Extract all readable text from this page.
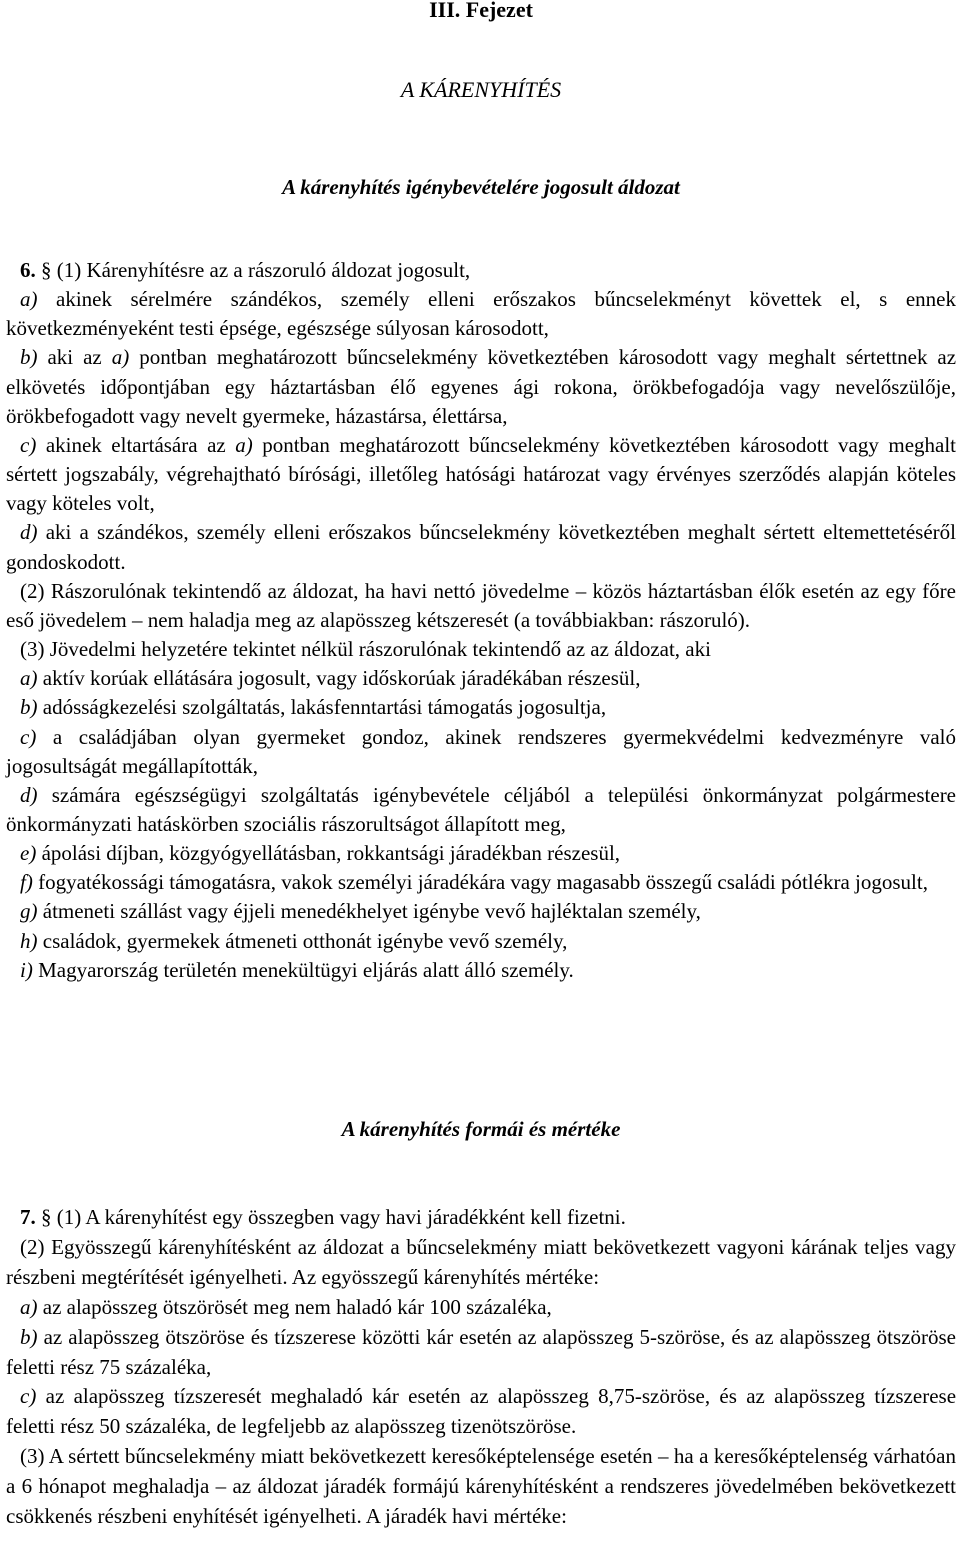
III. Fejezet

A KÁRENYHÍTÉS

A kárenyhítés igénybevételére jogosult áldozat

6. § (1) Kárenyhítésre az a rászoruló áldozat jogosult,

a) akinek sérelmére szándékos, személy elleni erőszakos bűncselekményt követtek el, s ennek következményeként testi épsége, egészsége súlyosan károsodott,

b) aki az a) pontban meghatározott bűncselekmény következtében károsodott vagy meghalt sértettnek az elkövetés időpontjában egy háztartásban élő egyenes ági rokona, örökbefogadója vagy nevelőszülője, örökbefogadott vagy nevelt gyermeke, házastársa, élettársa,

c) akinek eltartására az a) pontban meghatározott bűncselekmény következtében károsodott vagy meghalt sértett jogszabály, végrehajtható bírósági, illetőleg hatósági határozat vagy érvényes szerződés alapján köteles vagy köteles volt,

d) aki a szándékos, személy elleni erőszakos bűncselekmény következtében meghalt sértett eltemettetéséről gondoskodott.

(2) Rászorulónak tekintendő az áldozat, ha havi nettó jövedelme – közös háztartásban élők esetén az egy főre eső jövedelem – nem haladja meg az alapösszeg kétszeresét (a továbbiakban: rászoruló).

(3) Jövedelmi helyzetére tekintet nélkül rászorulónak tekintendő az az áldozat, aki

a) aktív korúak ellátására jogosult, vagy időskorúak járadékában részesül,

b) adósságkezelési szolgáltatás, lakásfenntartási támogatás jogosultja,

c) a családjában olyan gyermeket gondoz, akinek rendszeres gyermekvédelmi kedvezményre való jogosultságát megállapították,

d) számára egészségügyi szolgáltatás igénybevétele céljából a települési önkormányzat polgármestere önkormányzati hatáskörben szociális rászorultságot állapított meg,

e) ápolási díjban, közgyógyellátásban, rokkantsági járadékban részesül,

f) fogyatékossági támogatásra, vakok személyi járadékára vagy magasabb összegű családi pótlékra jogosult,

g) átmeneti szállást vagy éjjeli menedékhelyet igénybe vevő hajléktalan személy,

h) családok, gyermekek átmeneti otthonát igénybe vevő személy,

i) Magyarország területén menekültügyi eljárás alatt álló személy.

A kárenyhítés formái és mértéke

7. § (1) A kárenyhítést egy összegben vagy havi járadékként kell fizetni.

(2) Egyösszegű kárenyhítésként az áldozat a bűncselekmény miatt bekövetkezett vagyoni kárának teljes vagy részbeni megtérítését igényelheti. Az egyösszegű kárenyhítés mértéke:

a) az alapösszeg ötszörösét meg nem haladó kár 100 százaléka,

b) az alapösszeg ötszöröse és tízszerese közötti kár esetén az alapösszeg 5-szöröse, és az alapösszeg ötszöröse feletti rész 75 százaléka,

c) az alapösszeg tízszeresét meghaladó kár esetén az alapösszeg 8,75-szöröse, és az alapösszeg tízszerese feletti rész 50 százaléka, de legfeljebb az alapösszeg tizenötszöröse.

(3) A sértett bűncselekmény miatt bekövetkezett keresőképtelensége esetén – ha a keresőképtelenség várhatóan a 6 hónapot meghaladja – az áldozat járadék formájú kárenyhítésként a rendszeres jövedelmében bekövetkezett csökkenés részbeni enyhítését igényelheti. A járadék havi mértéke:
